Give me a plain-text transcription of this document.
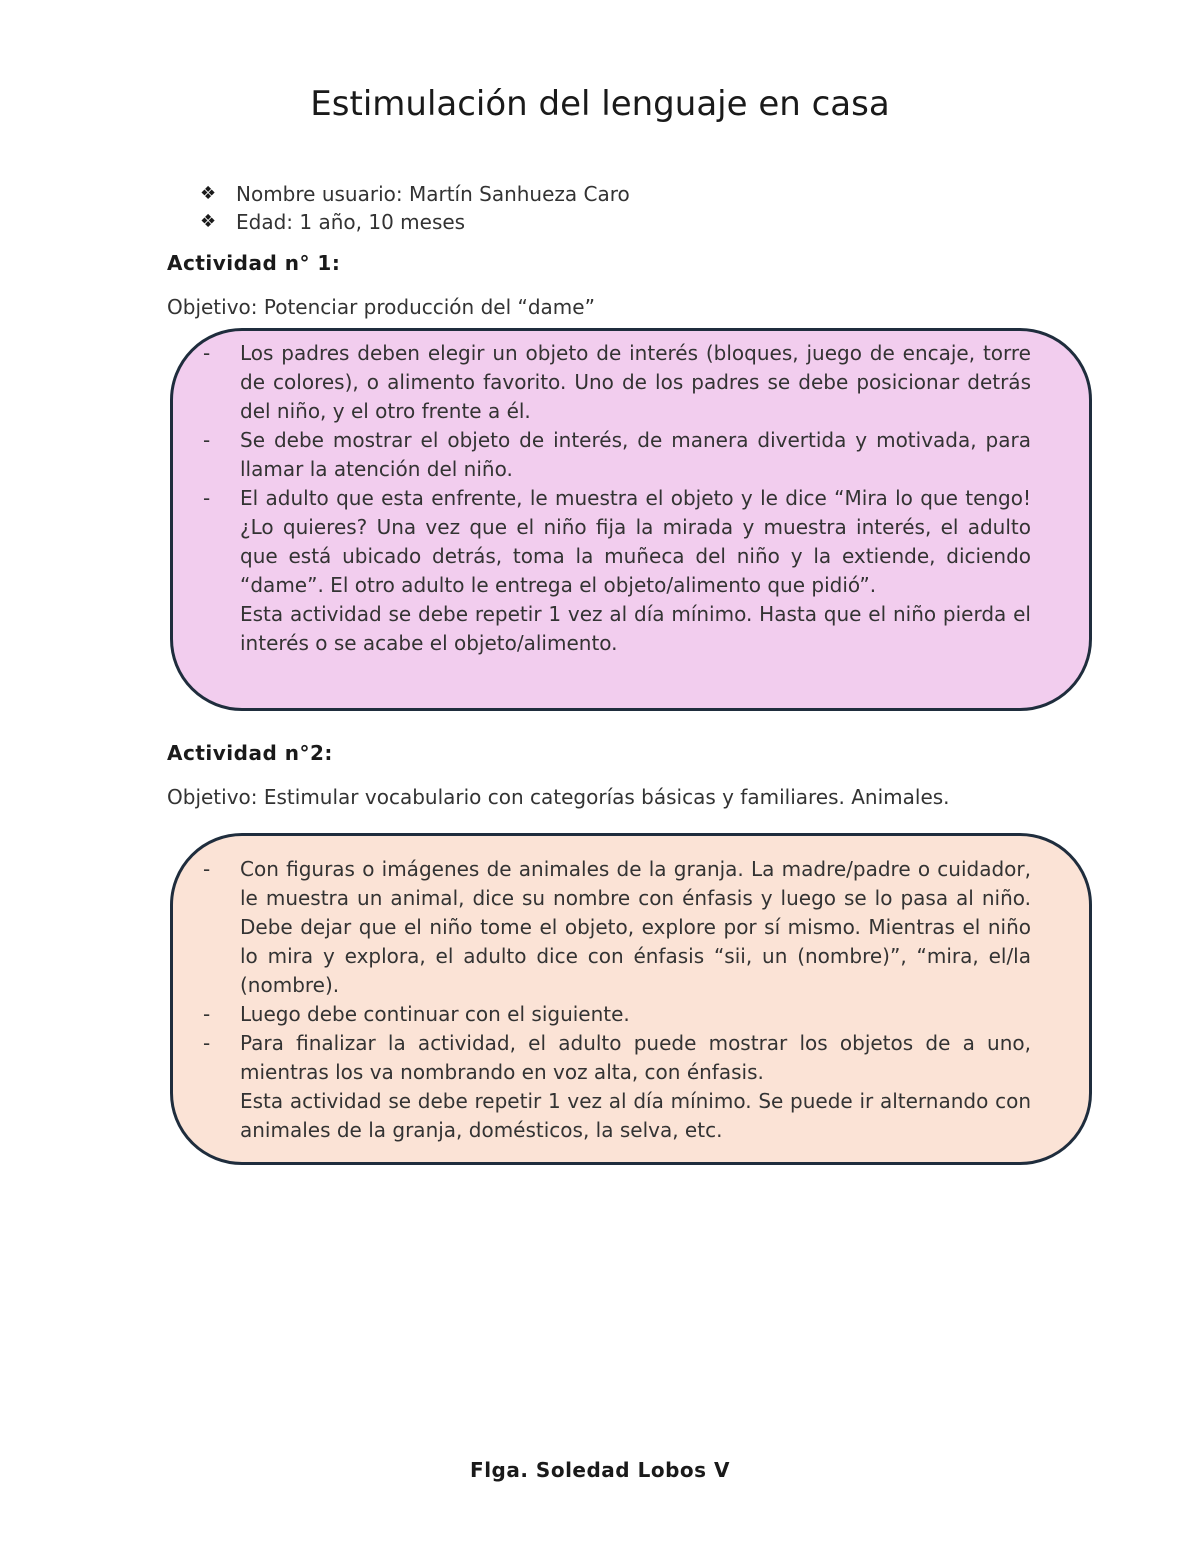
Estimulación del lenguaje en casa
❖ Nombre usuario: Martín Sanhueza Caro
❖ Edad: 1 año, 10 meses
Actividad n° 1:

Objetivo: Potenciar producción del “dame”

-	Los padres deben elegir un objeto de interés (bloques, juego de encaje, torre de colores), o alimento favorito. Uno de los padres se debe posicionar detrás del niño, y el otro frente a él.
-	Se debe mostrar el objeto de interés, de manera divertida y motivada, para llamar la atención del niño.
-	El adulto que esta enfrente, le muestra el objeto y le dice “Mira lo que tengo! ¿Lo quieres? Una vez que el niño fija la mirada y muestra interés, el adulto que está ubicado detrás, toma la muñeca del niño y la extiende, diciendo “dame”. El otro adulto le entrega el objeto/alimento que pidió”.
Esta actividad se debe repetir 1 vez al día mínimo. Hasta que el niño pierda el interés o se acabe el objeto/alimento.
Actividad n°2:

Objetivo: Estimular vocabulario con categorías básicas y familiares. Animales.

-	Con figuras o imágenes de animales de la granja. La madre/padre o cuidador, le muestra un animal, dice su nombre con énfasis y luego se lo pasa al niño. Debe dejar que el niño tome el objeto, explore por sí mismo. Mientras el niño lo mira y explora, el adulto dice con énfasis “sii, un (nombre)”, “mira, el/la (nombre).
-	Luego debe continuar con el siguiente.
-	Para finalizar la actividad, el adulto puede mostrar los objetos de a uno, mientras los va nombrando en voz alta, con énfasis.
Esta actividad se debe repetir 1 vez al día mínimo. Se puede ir alternando con animales de la granja, domésticos, la selva, etc.

Flga. Soledad Lobos V
